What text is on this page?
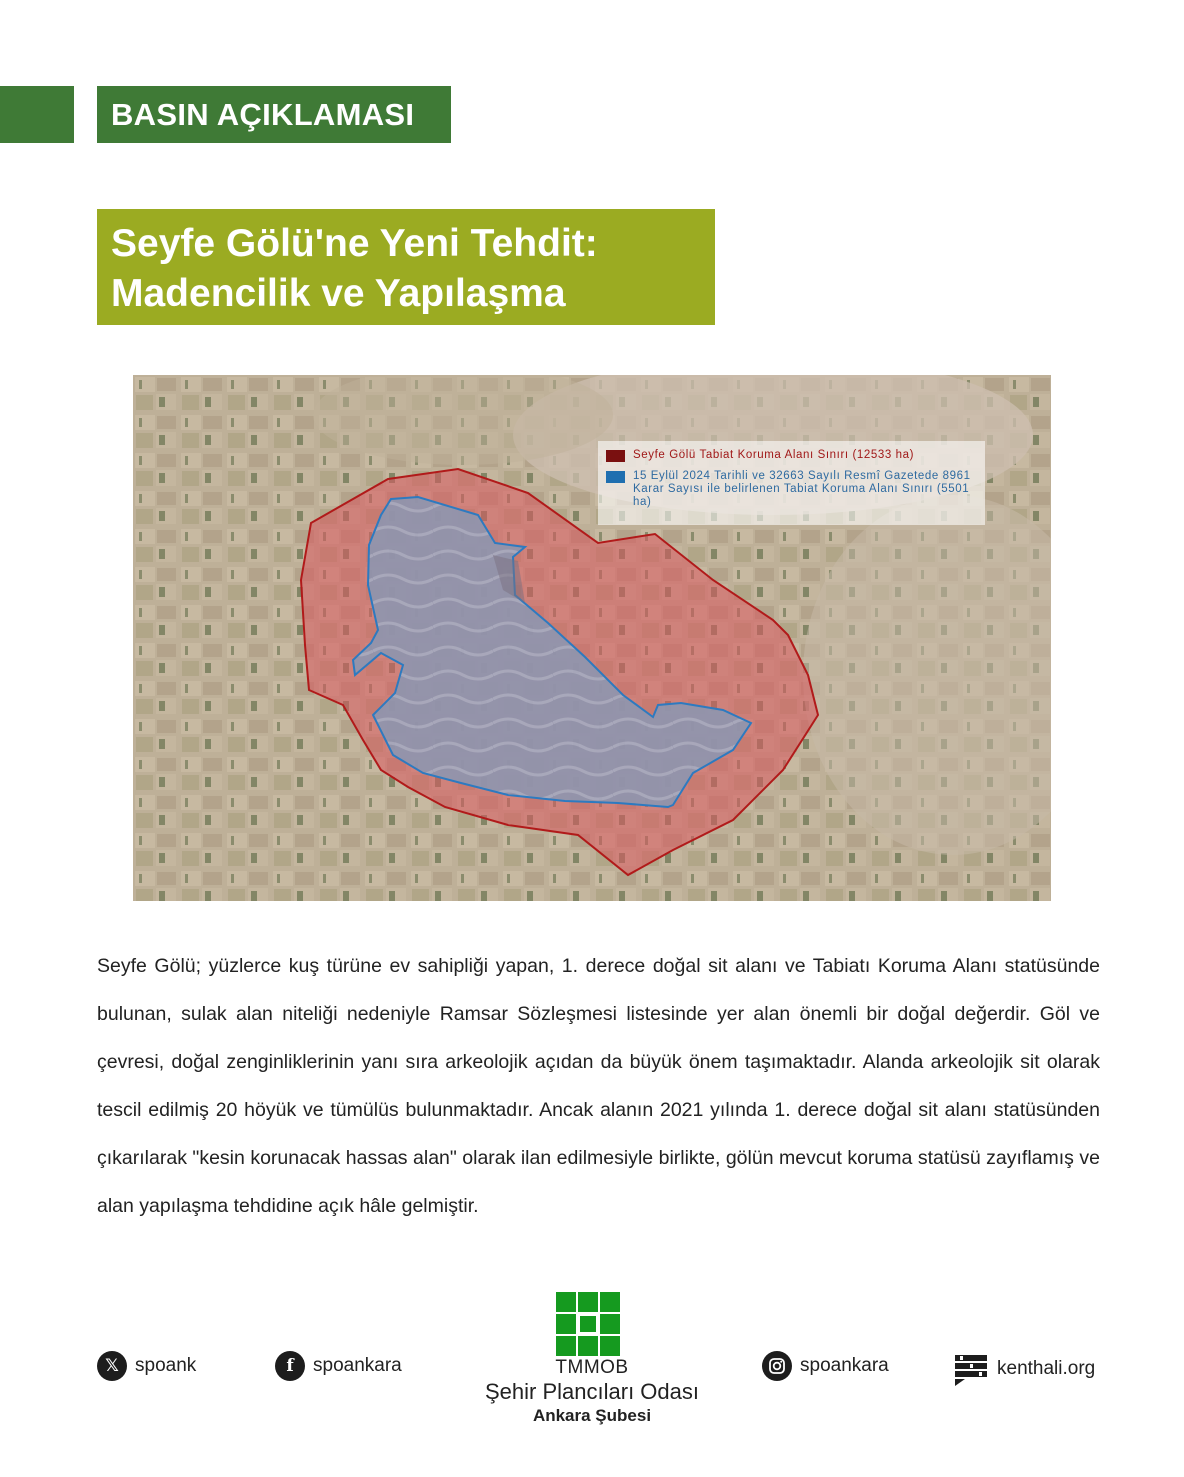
BASIN AÇIKLAMASI
Seyfe Gölü'ne Yeni Tehdit:
Madencilik ve Yapılaşma
Seyfe Gölü Tabiat Koruma Alanı Sınırı (12533 ha)
15 Eylül 2024 Tarihli ve 32663 Sayılı Resmî Gazetede 8961 Karar Sayısı ile belirlenen Tabiat Koruma Alanı Sınırı (5501 ha)
Seyfe Gölü; yüzlerce kuş türüne ev sahipliği yapan, 1. derece doğal sit alanı ve Tabiatı Koruma Alanı statüsünde bulunan, sulak alan niteliği nedeniyle Ramsar Sözleşmesi listesinde yer alan önemli bir doğal değerdir. Göl ve çevresi, doğal zenginliklerinin yanı sıra arkeolojik açıdan da büyük önem taşımaktadır. Alanda arkeolojik sit olarak tescil edilmiş 20 höyük ve tümülüs bulunmaktadır. Ancak alanın 2021 yılında 1. derece doğal sit alanı statüsünden çıkarılarak "kesin korunacak hassas alan" olarak ilan edilmesiyle birlikte, gölün mevcut koruma statüsü zayıflamış ve alan yapılaşma tehdidine açık hâle gelmiştir.
TMMOB
Şehir Plancıları Odası
Ankara Şubesi
𝕏 spoank	f	spoankara	spoankara	kenthali.org
